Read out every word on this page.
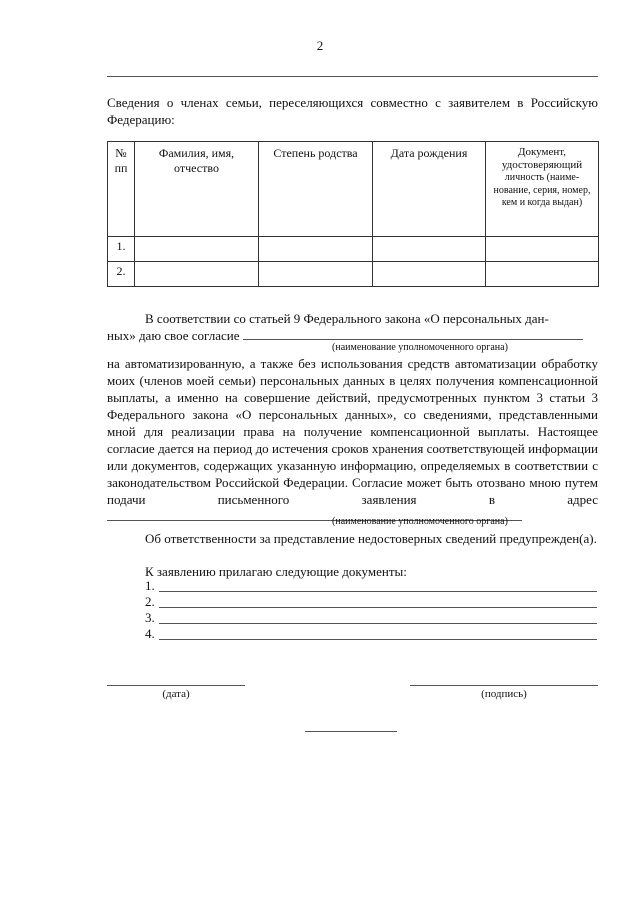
2
Сведения о членах семьи, переселяющихся совместно с заявителем в Российскую Федерацию:
№ пп	Фамилия, имя, отчество	Степень родства	Дата рождения	Документ, удостоверяющий
личность (наиме-
нование, серия, номер, кем и когда выдан)

1.				
2.				
В соответствии со статьей 9 Федерального закона «О персональных дан-
ных» даю свое согласие
(наименование уполномоченного органа)
на автоматизированную, а также без использования средств автоматизации обработку моих (членов моей семьи) персональных данных в целях получения компенсационной выплаты, а именно на совершение действий, предусмотренных пунктом 3 статьи 3 Федерального закона «О персональных данных», со сведениями, представленными мной для реализации права на получение компенсационной выплаты. Настоящее согласие дается на период до истечения сроков хранения соответствующей информации или документов, содержащих указанную информацию, определяемых в соответствии с законодательством Российской Федерации. Согласие может быть отозвано мною путем подачи письменного заявления в адрес
(наименование уполномоченного органа)
Об ответственности за представление недостоверных сведений предупрежден(а).
К заявлению прилагаю следующие документы:
1.
2.
3.
4.
(дата)	(подпись)
